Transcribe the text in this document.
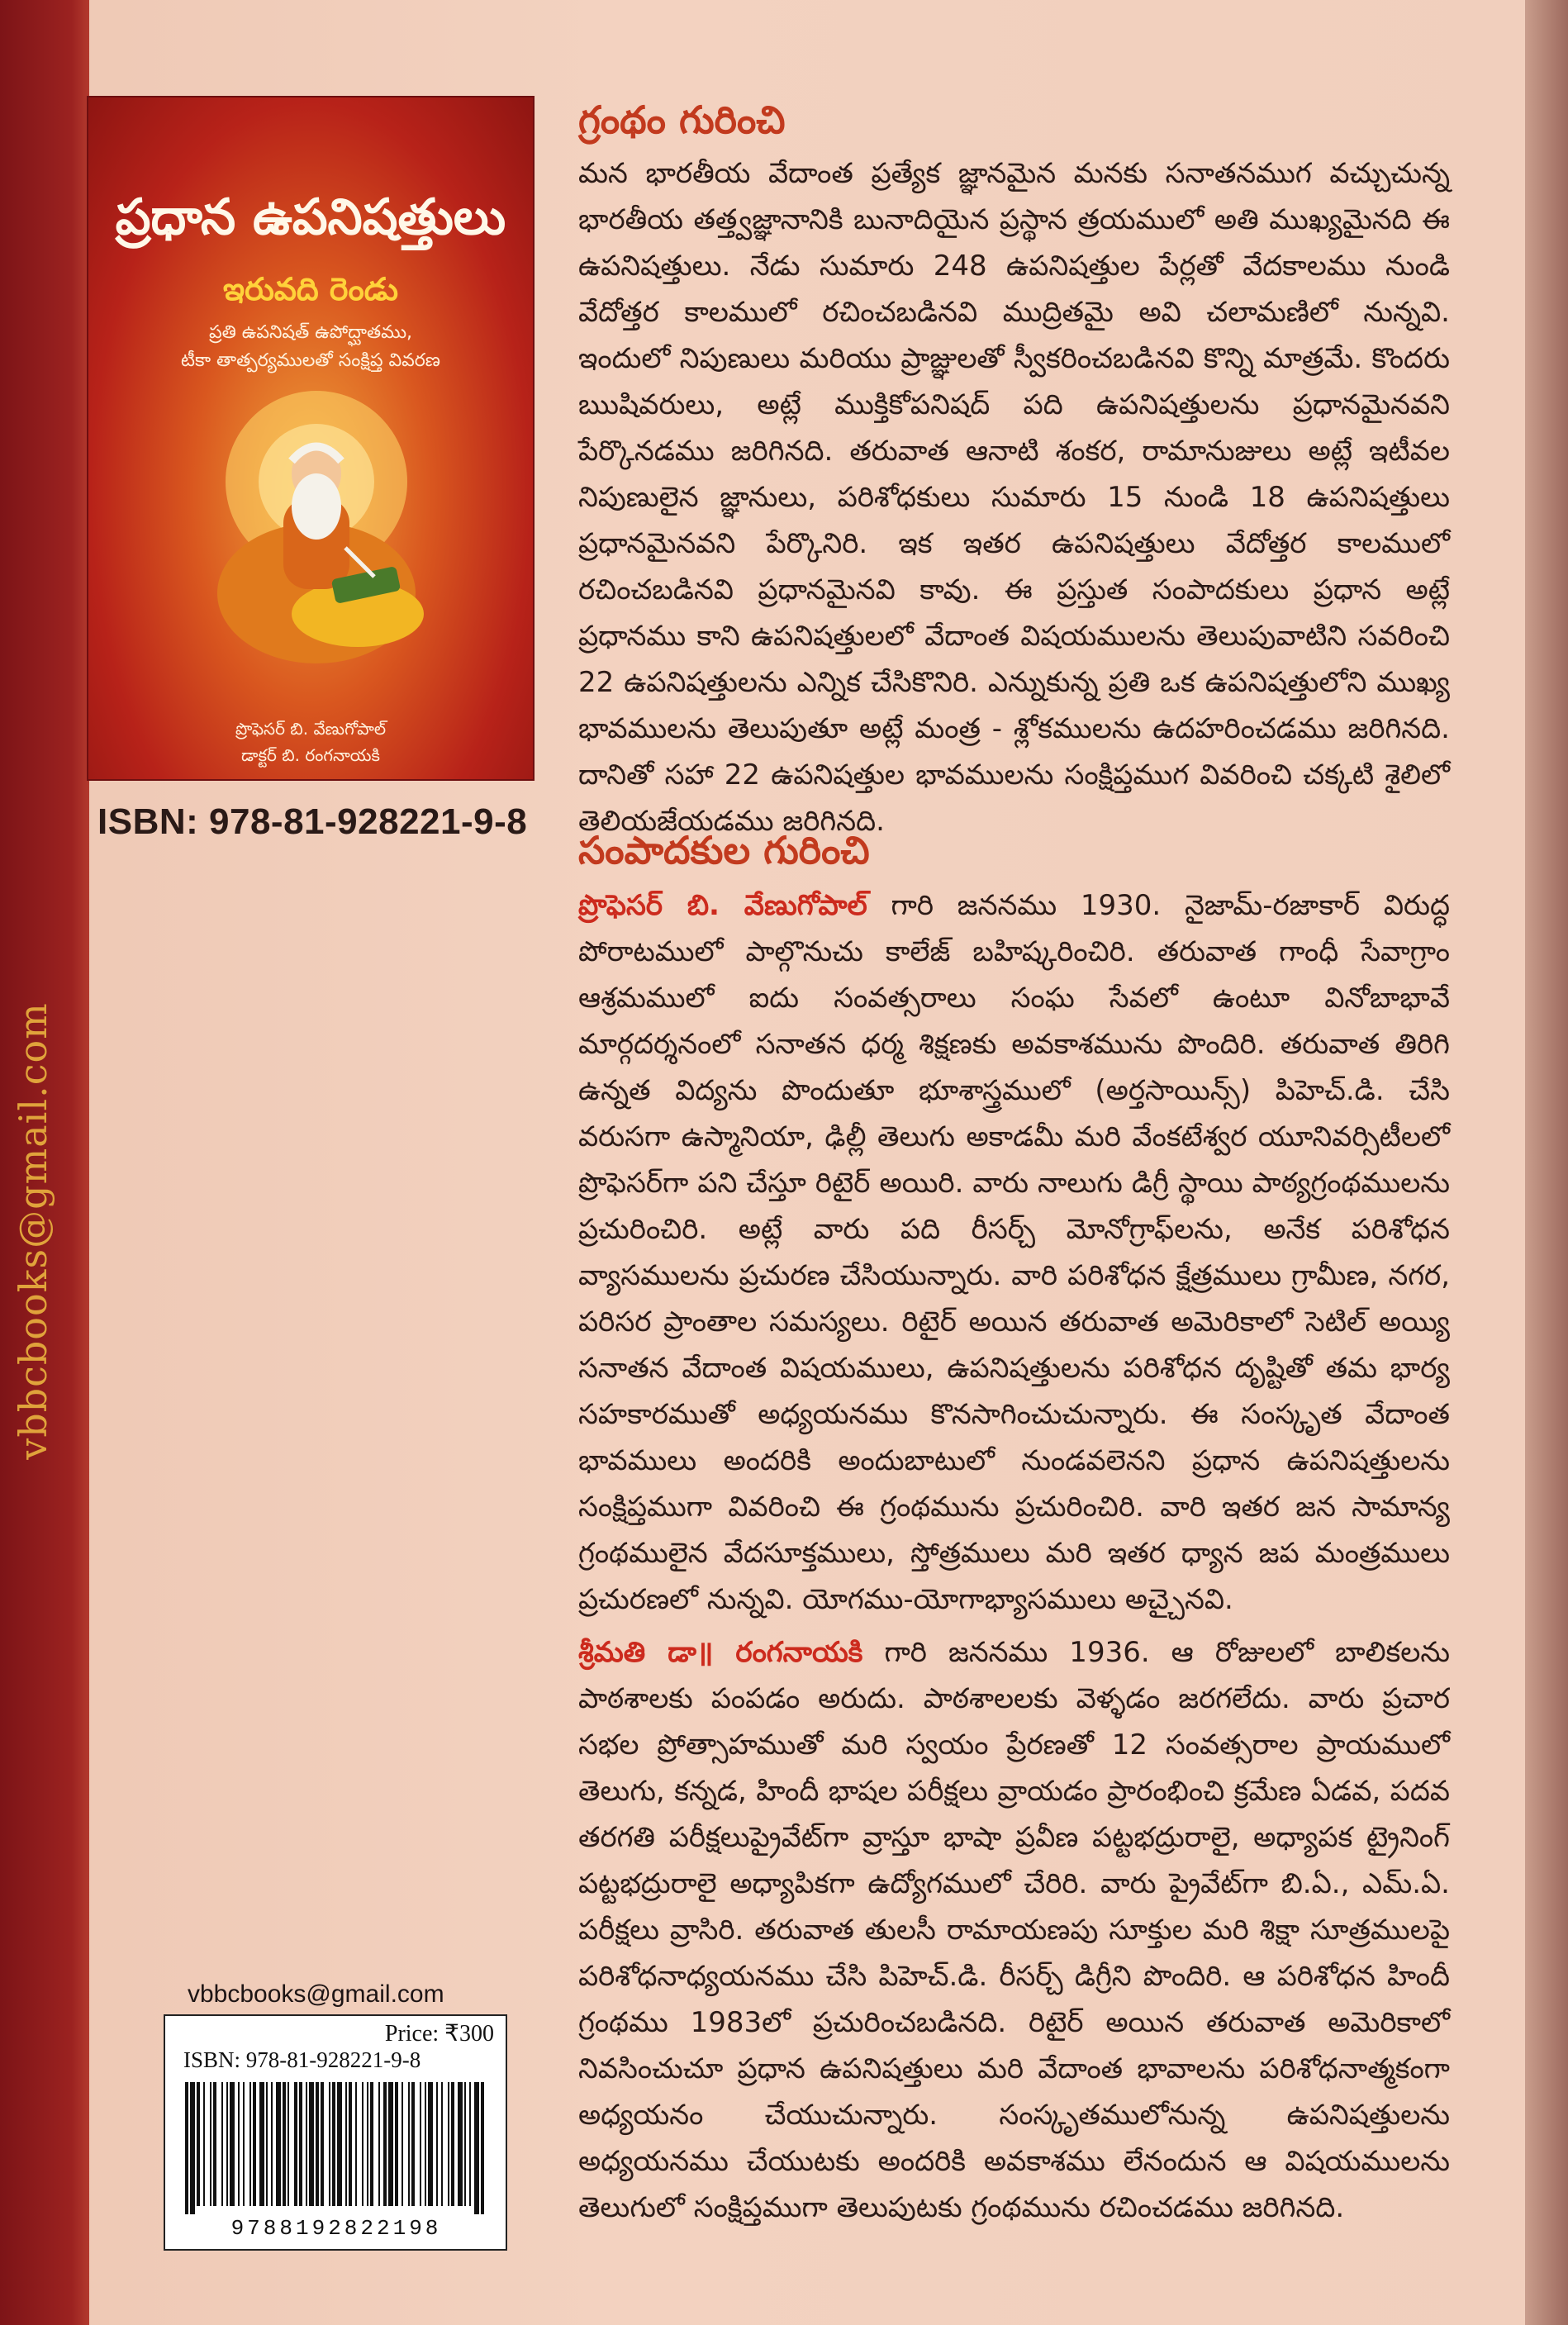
vbbcbooks@gmail.com
ప్రధాన ఉపనిషత్తులు
ఇరువది రెండు
ప్రతి ఉపనిషత్ ఉపోద్ఘాతము,
టీకా తాత్పర్యములతో సంక్షిప్త వివరణ
ప్రొఫెసర్ బి. వేణుగోపాల్
డాక్టర్ బి. రంగనాయకి
ISBN: 978-81-928221-9-8
గ్రంథం గురించి

మన భారతీయ వేదాంత ప్రత్యేక జ్ఞానమైన మనకు సనాతనముగ వచ్చుచున్న భారతీయ తత్త్వజ్ఞానానికి బునాదియైన ప్రస్థాన త్రయములో అతి ముఖ్యమైనది ఈ ఉపనిషత్తులు. నేడు సుమారు 248 ఉపనిషత్తుల పేర్లతో వేదకాలము నుండి వేదోత్తర కాలములో రచించబడినవి ముద్రితమై అవి చలామణిలో నున్నవి. ఇందులో నిపుణులు మరియు ప్రాజ్ఞులతో స్వీకరించబడినవి కొన్ని మాత్రమే. కొందరు ఋషివరులు, అట్లే ముక్తికోపనిషద్ పది ఉపనిషత్తులను ప్రధానమైనవని పేర్కొనడము జరిగినది. తరువాత ఆనాటి శంకర, రామానుజులు అట్లే ఇటీవల నిపుణులైన జ్ఞానులు, పరిశోధకులు సుమారు 15 నుండి 18 ఉపనిషత్తులు ప్రధానమైనవని పేర్కొనిరి. ఇక ఇతర ఉపనిషత్తులు వేదోత్తర కాలములో రచించబడినవి ప్రధానమైనవి కావు. ఈ ప్రస్తుత సంపాదకులు ప్రధాన అట్లే ప్రధానము కాని ఉపనిషత్తులలో వేదాంత విషయములను తెలుపువాటిని సవరించి 22 ఉపనిషత్తులను ఎన్నిక చేసికొనిరి. ఎన్నుకున్న ప్రతి ఒక ఉపనిషత్తులోని ముఖ్య భావములను తెలుపుతూ అట్లే మంత్ర - శ్లోకములను ఉదహరించడము జరిగినది. దానితో సహా 22 ఉపనిషత్తుల భావములను సంక్షిప్తముగ వివరించి చక్కటి శైలిలో తెలియజేయడము జరిగినది.

సంపాదకుల గురించి

ప్రొఫెసర్ బి. వేణుగోపాల్ గారి జననము 1930. నైజామ్-రజాకార్ విరుద్ధ పోరాటములో పాల్గొనుచు కాలేజ్ బహిష్కరించిరి. తరువాత గాంధీ సేవాగ్రాం ఆశ్రమములో ఐదు సంవత్సరాలు సంఘ సేవలో ఉంటూ వినోబాభావే మార్గదర్శనంలో సనాతన ధర్మ శిక్షణకు అవకాశమును పొందిరి. తరువాత తిరిగి ఉన్నత విద్యను పొందుతూ భూశాస్త్రములో (అర్తసాయిన్స్) పిహెచ్.డి. చేసి వరుసగా ఉస్మానియా, ఢిల్లీ తెలుగు అకాడమీ మరి వేంకటేశ్వర యూనివర్సిటీలలో ప్రొఫెసర్‌గా పని చేస్తూ రిటైర్ అయిరి. వారు నాలుగు డిగ్రీ స్థాయి పాఠ్యగ్రంథములను ప్రచురించిరి. అట్లే వారు పది రీసర్చ్ మోనోగ్రాఫ్‌లను, అనేక పరిశోధన వ్యాసములను ప్రచురణ చేసియున్నారు. వారి పరిశోధన క్షేత్రములు గ్రామీణ, నగర, పరిసర ప్రాంతాల సమస్యలు. రిటైర్ అయిన తరువాత అమెరికాలో సెటిల్ అయ్యి సనాతన వేదాంత విషయములు, ఉపనిషత్తులను పరిశోధన దృష్టితో తమ భార్య సహకారముతో అధ్యయనము కొనసాగించుచున్నారు. ఈ సంస్కృత వేదాంత భావములు అందరికి అందుబాటులో నుండవలెనని ప్రధాన ఉపనిషత్తులను సంక్షిప్తముగా వివరించి ఈ గ్రంథమును ప్రచురించిరి. వారి ఇతర జన సామాన్య గ్రంథములైన వేదసూక్తములు, స్తోత్రములు మరి ఇతర ధ్యాన జప మంత్రములు ప్రచురణలో నున్నవి. యోగము-యోగాభ్యాసములు అచ్చైనవి.

శ్రీమతి డా॥ రంగనాయకి గారి జననము 1936. ఆ రోజులలో బాలికలను పాఠశాలకు పంపడం అరుదు. పాఠశాలలకు వెళ్ళడం జరగలేదు. వారు ప్రచార సభల ప్రోత్సాహముతో మరి స్వయం ప్రేరణతో 12 సంవత్సరాల ప్రాయములో తెలుగు, కన్నడ, హిందీ భాషల పరీక్షలు వ్రాయడం ప్రారంభించి క్రమేణ ఏడవ, పదవ తరగతి పరీక్షలుప్రైవేట్‌గా వ్రాస్తూ భాషా ప్రవీణ పట్టభద్రురాలై, అధ్యాపక ట్రైనింగ్ పట్టభద్రురాలై అధ్యాపికగా ఉద్యోగములో చేరిరి. వారు ప్రైవేట్‌గా బి.ఏ., ఎమ్.ఏ. పరీక్షలు వ్రాసిరి. తరువాత తులసీ రామాయణపు సూక్తుల మరి శిక్షా సూత్రములపై పరిశోధనాధ్యయనము చేసి పిహెచ్.డి. రీసర్చ్ డిగ్రీని పొందిరి. ఆ పరిశోధన హిందీ గ్రంథము 1983లో ప్రచురించబడినది. రిటైర్ అయిన తరువాత అమెరికాలో నివసించుచూ ప్రధాన ఉపనిషత్తులు మరి వేదాంత భావాలను పరిశోధనాత్మకంగా అధ్యయనం చేయుచున్నారు. సంస్కృతములోనున్న ఉపనిషత్తులను అధ్యయనము చేయుటకు అందరికి అవకాశము లేనందున ఆ విషయములను తెలుగులో సంక్షిప్తముగా తెలుపుటకు గ్రంథమును రచించడము జరిగినది.

vbbcbooks@gmail.com
Price: ₹300
ISBN: 978-81-928221-9-8
9788192822198
